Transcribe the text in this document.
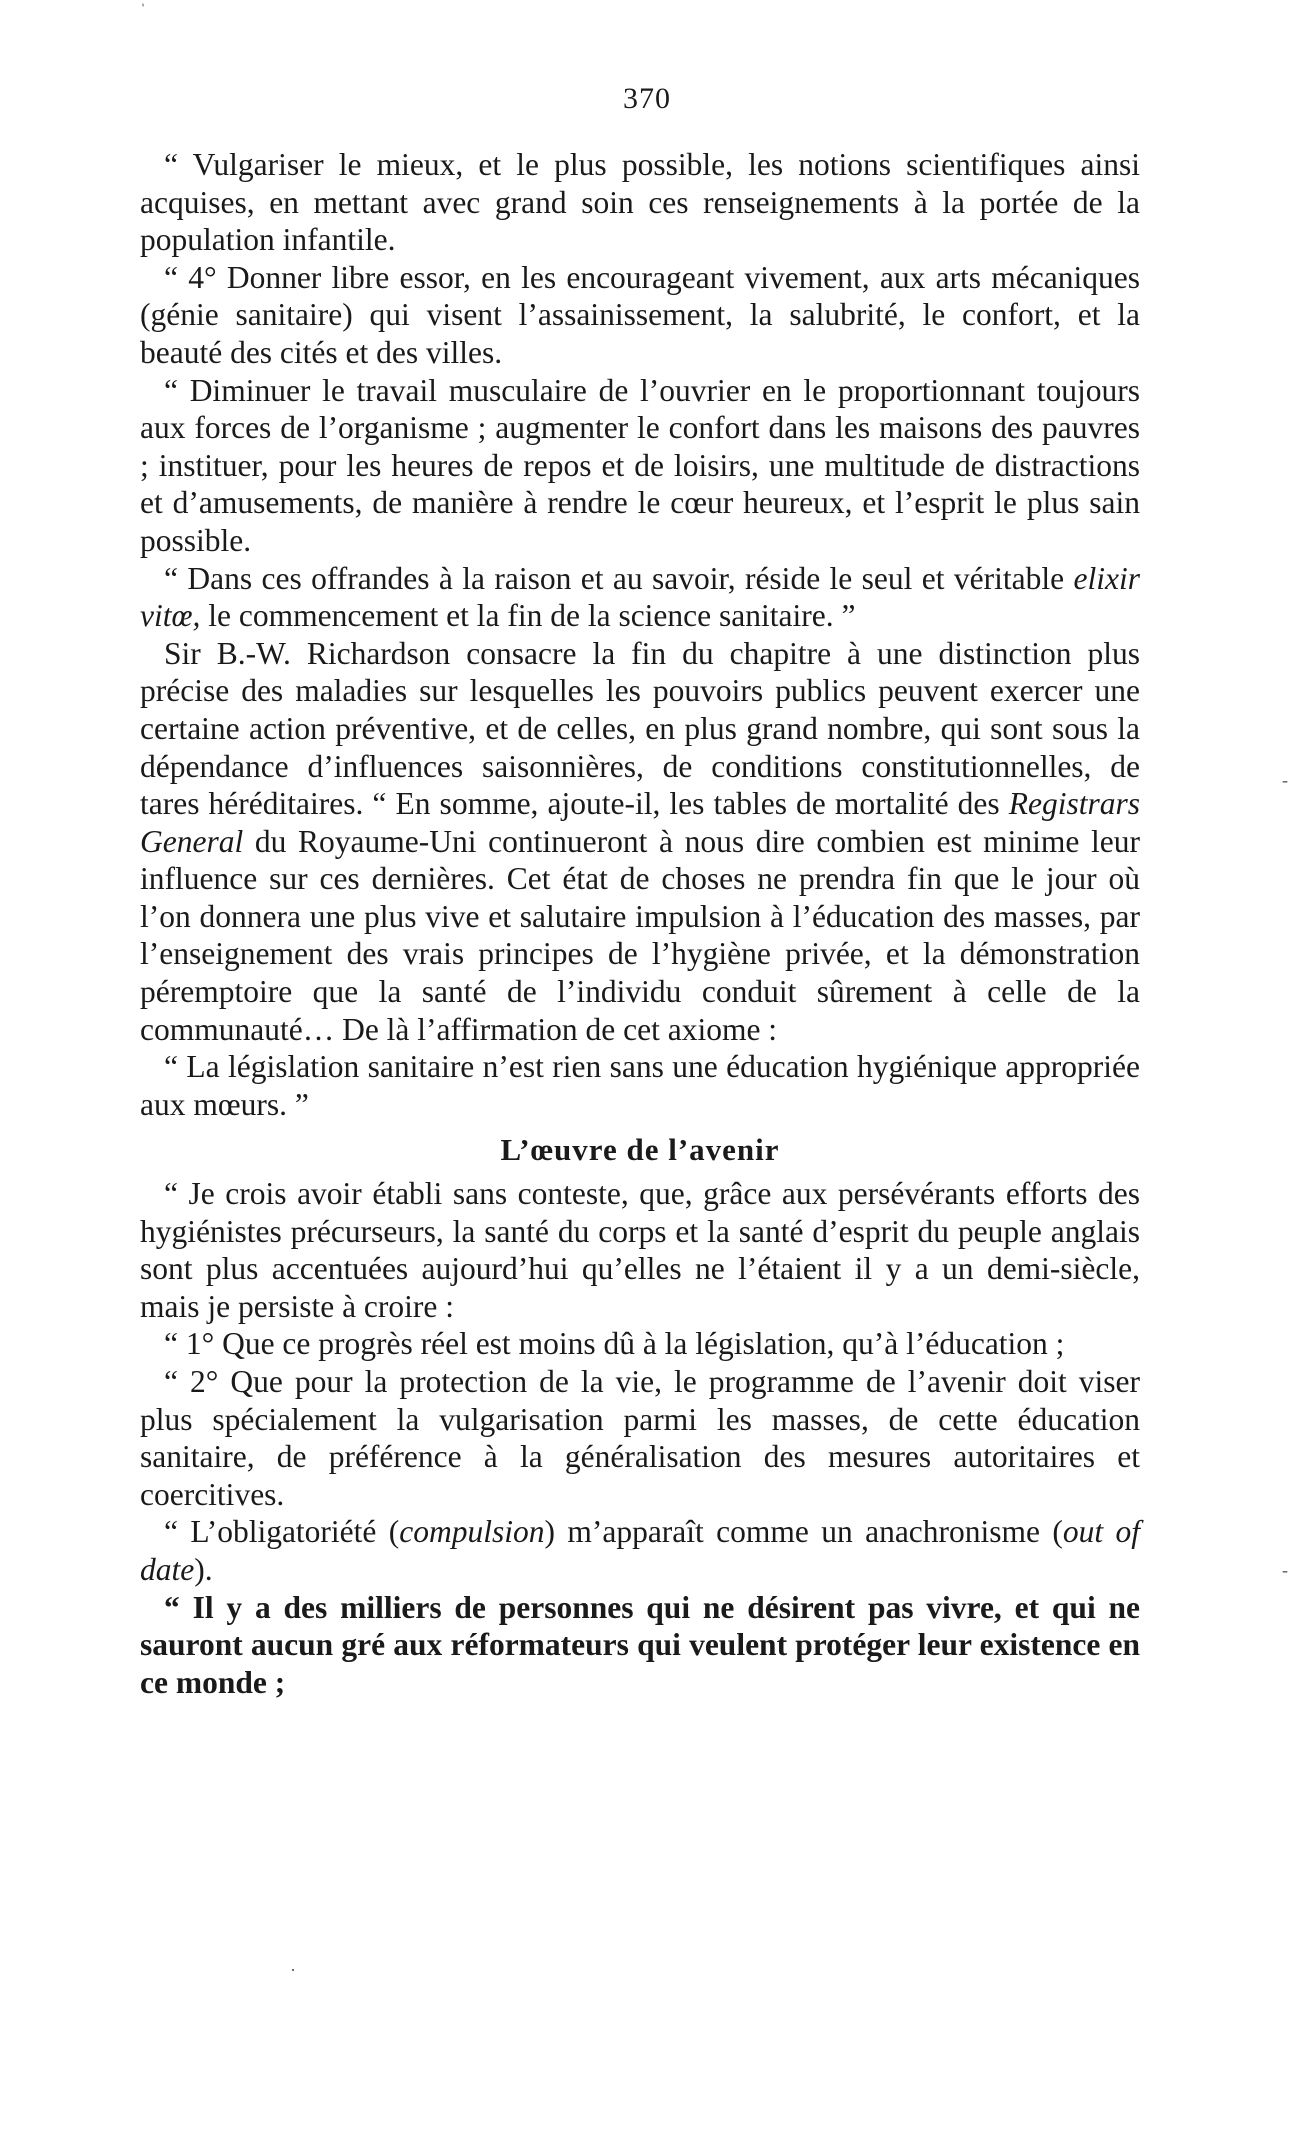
370

“ Vulgariser le mieux, et le plus possible, les notions scientifiques ainsi acquises, en mettant avec grand soin ces renseignements à la portée de la population infantile.

“ 4° Donner libre essor, en les encourageant vivement, aux arts mécaniques (génie sanitaire) qui visent l’assainissement, la salubrité, le confort, et la beauté des cités et des villes.

“ Diminuer le travail musculaire de l’ouvrier en le proportionnant toujours aux forces de l’organisme ; augmenter le confort dans les maisons des pauvres ; instituer, pour les heures de repos et de loisirs, une multitude de distractions et d’amusements, de manière à rendre le cœur heureux, et l’esprit le plus sain possible.

“ Dans ces offrandes à la raison et au savoir, réside le seul et véritable elixir vitœ, le commencement et la fin de la science sanitaire. ”

Sir B.-W. Richardson consacre la fin du chapitre à une distinction plus précise des maladies sur lesquelles les pouvoirs publics peuvent exercer une certaine action préventive, et de celles, en plus grand nombre, qui sont sous la dépendance d’influences saisonnières, de conditions constitutionnelles, de tares héréditaires. “ En somme, ajoute-il, les tables de mortalité des Registrars General du Royaume-Uni continueront à nous dire combien est minime leur influence sur ces dernières. Cet état de choses ne prendra fin que le jour où l’on donnera une plus vive et salutaire impulsion à l’éducation des masses, par l’enseignement des vrais principes de l’hygiène privée, et la démonstration péremptoire que la santé de l’individu conduit sûrement à celle de la communauté… De là l’affirmation de cet axiome :

“ La législation sanitaire n’est rien sans une éducation hygiénique appropriée aux mœurs. ”

L’œuvre de l’avenir

“ Je crois avoir établi sans conteste, que, grâce aux persévérants efforts des hygiénistes précurseurs, la santé du corps et la santé d’esprit du peuple anglais sont plus accentuées aujourd’hui qu’elles ne l’étaient il y a un demi-siècle, mais je persiste à croire :

“ 1° Que ce progrès réel est moins dû à la législation, qu’à l’éducation ;

“ 2° Que pour la protection de la vie, le programme de l’avenir doit viser plus spécialement la vulgarisation parmi les masses, de cette éducation sanitaire, de préférence à la généralisation des mesures autoritaires et coercitives.

“ L’obligatoriété (compulsion) m’apparaît comme un anachronisme (out of date).

“ Il y a des milliers de personnes qui ne désirent pas vivre, et qui ne sauront aucun gré aux réformateurs qui veulent protéger leur existence en ce monde ;

ˈ
·
-
-
